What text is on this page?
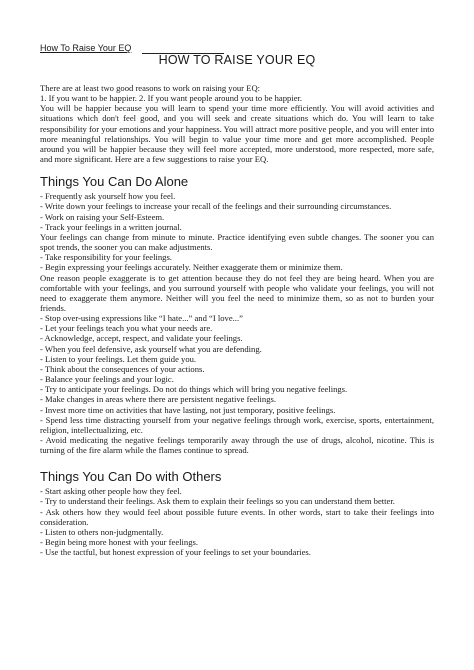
How To Raise Your EQ
HOW TO RAISE YOUR EQ

There are at least two good reasons to work on raising your EQ:

1. If you want to be happier. 2. If you want people around you to be happier.

You will be happier because you will learn to spend your time more efficiently. You will avoid activities and situations which don't feel good, and you will seek and create situations which do. You will learn to take responsibility for your emotions and your happiness. You will attract more positive people, and you will enter into more meaningful relationships. You will begin to value your time more and get more accomplished. People around you will be happier because they will feel more accepted, more understood, more respected, more safe, and more significant. Here are a few suggestions to raise your EQ.

Things You Can Do Alone

- Frequently ask yourself how you feel.

- Write down your feelings to increase your recall of the feelings and their surrounding circumstances.

- Work on raising your Self-Esteem.

- Track your feelings in a written journal.

Your feelings can change from minute to minute. Practice identifying even subtle changes. The sooner you can spot trends, the sooner you can make adjustments.

- Take responsibility for your feelings.

- Begin expressing your feelings accurately. Neither exaggerate them or minimize them.

One reason people exaggerate is to get attention because they do not feel they are being heard. When you are comfortable with your feelings, and you surround yourself with people who validate your feelings, you will not need to exaggerate them anymore. Neither will you feel the need to minimize them, so as not to burden your friends.

- Stop over-using expressions like “I hate...” and “I love...”

- Let your feelings teach you what your needs are.

- Acknowledge, accept, respect, and validate your feelings.

- When you feel defensive, ask yourself what you are defending.

- Listen to your feelings. Let them guide you.

- Think about the consequences of your actions.

- Balance your feelings and your logic.

- Try to anticipate your feelings. Do not do things which will bring you negative feelings.

- Make changes in areas where there are persistent negative feelings.

- Invest more time on activities that have lasting, not just temporary, positive feelings.

- Spend less time distracting yourself from your negative feelings through work, exercise, sports, entertainment, religion, intellectualizing, etc.

- Avoid medicating the negative feelings temporarily away through the use of drugs, alcohol, nicotine. This is turning of the fire alarm while the flames continue to spread.

Things You Can Do with Others

- Start asking other people how they feel.

- Try to understand their feelings. Ask them to explain their feelings so you can understand them better.

- Ask others how they would feel about possible future events. In other words, start to take their feelings into consideration.

- Listen to others non-judgmentally.

- Begin being more honest with your feelings.

- Use the tactful, but honest expression of your feelings to set your boundaries.
